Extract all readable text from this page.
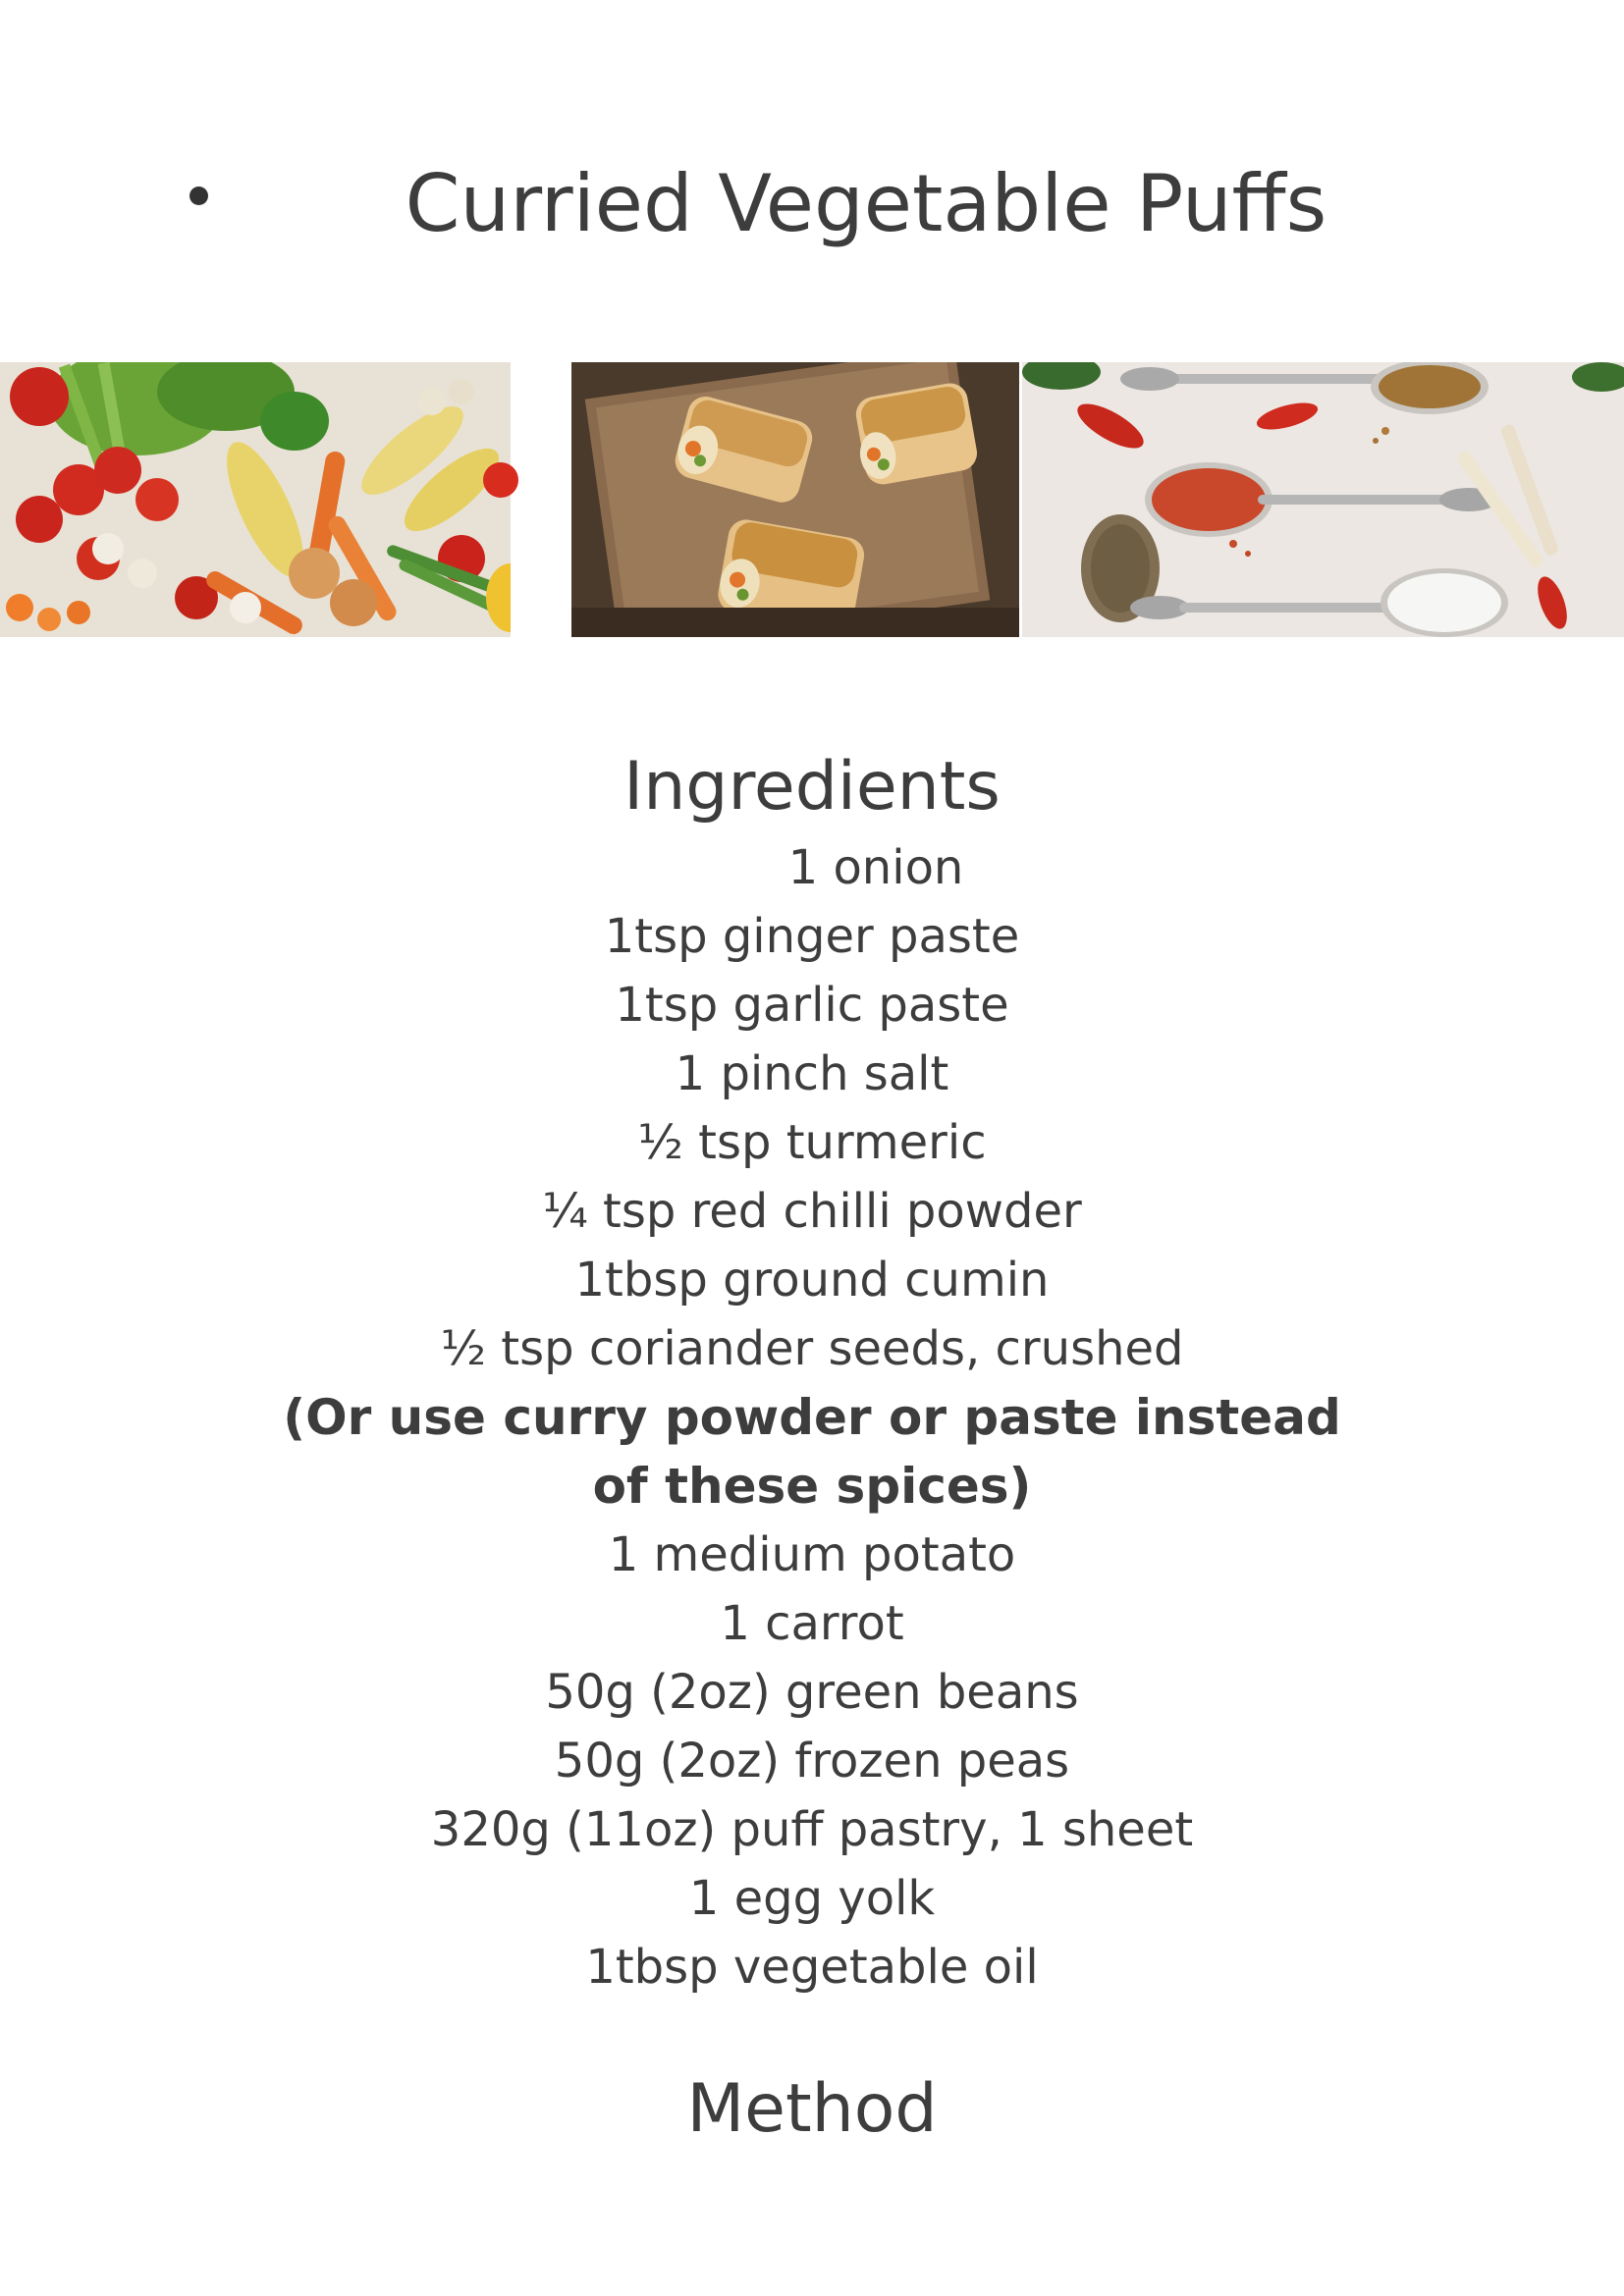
Curried Vegetable Puffs
Ingredients
1 onion
1tsp ginger paste
1tsp garlic paste
1 pinch salt
½ tsp turmeric
¼ tsp red chilli powder
1tbsp ground cumin
½ tsp coriander seeds, crushed
(Or use curry powder or paste instead of these spices)
1 medium potato
1 carrot
50g (2oz) green beans
50g (2oz) frozen peas
320g (11oz) puff pastry, 1 sheet
1 egg yolk
1tbsp vegetable oil
Method
